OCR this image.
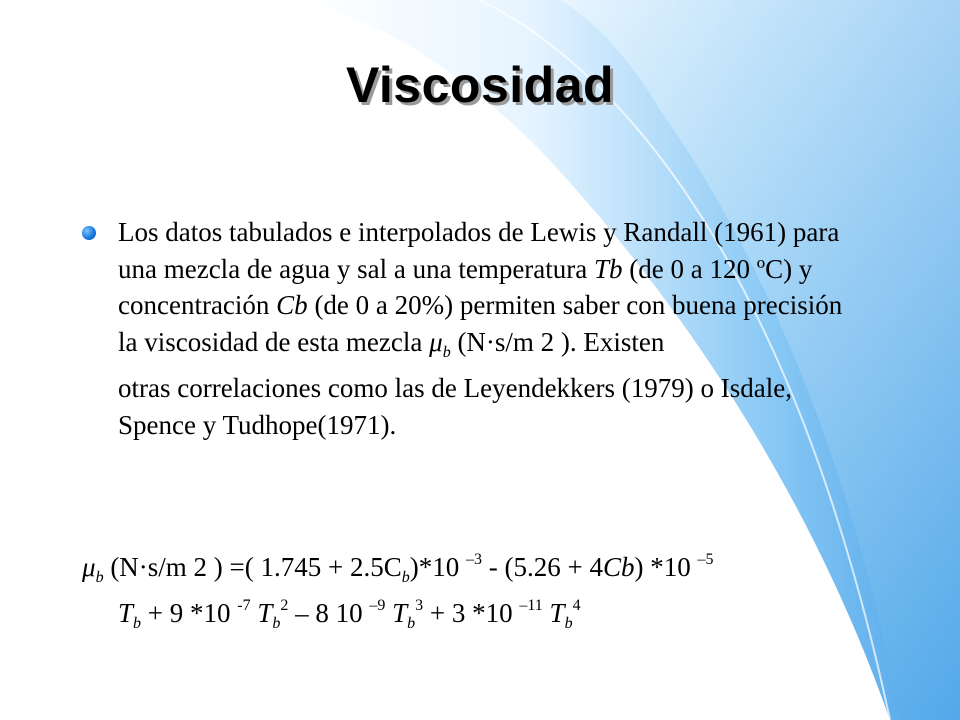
Viscosidad
Los datos tabulados e interpolados de Lewis y Randall (1961) para una mezcla de agua y sal a una temperatura Tb (de 0 a 120 ºC) y concentración Cb (de 0 a 20%) permiten saber con buena precisión la viscosidad de esta mezcla $\mu_b$ (N·s/m 2 ). Existen
otras correlaciones como las de Leyendekkers (1979) o Isdale, Spence y Tudhope(1971).
$\mu_b$ (N·s/m 2 ) =( $1.745 + 2.5C_b)*10$ $^{-3}$ - (5.26 + 4Cb) *10 $^{-5}$
$T_b + 9$ *10 $^{-7}$ $T_b^2 - 8$ 10 $^{-9}$ $T_b^3 + 3$ *10 $^{-11}$ $T_b^4$
